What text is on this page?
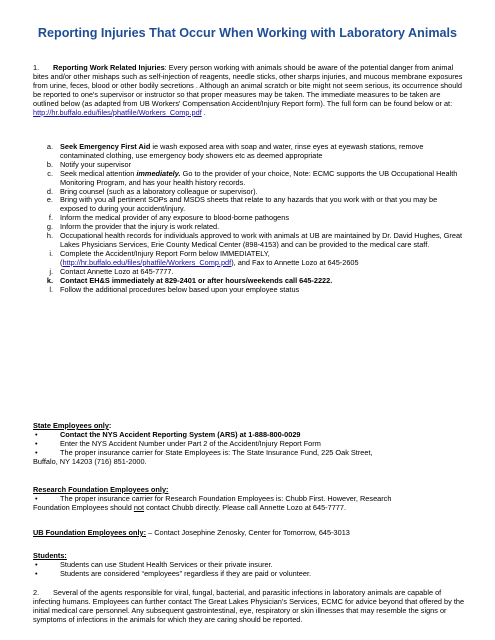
Reporting Injuries That Occur When Working with Laboratory Animals

1. Reporting Work Related Injuries: Every person working with animals should be aware of the potential danger from animal bites and/or other mishaps such as self-injection of reagents, needle sticks, other sharps injuries, and mucous membrane exposures from urine, feces, blood or other bodily secretions . Although an animal scratch or bite might not seem serious, its occurrence should be reported to one's supervisor or instructor so that proper measures may be taken. The immediate measures to be taken are outlined below (as adapted from UB Workers' Compensation Accident/Injury Report form). The full form can be found below or at: http://hr.buffalo.edu/files/phatfile/Workers_Comp.pdf .

a. Seek Emergency First Aid ie wash exposed area with soap and water, rinse eyes at eyewash stations, remove contaminated clothing, use emergency body showers etc as deemed appropriate
b. Notify your supervisor
c. Seek medical attention immediately. Go to the provider of your choice, Note: ECMC supports the UB Occupational Health Monitoring Program, and has your health history records.
d. Bring counsel (such as a laboratory colleague or supervisor).
e. Bring with you all pertinent SOPs and MSDS sheets that relate to any hazards that you work with or that you may be exposed to during your accident/injury.
f. Inform the medical provider of any exposure to blood-borne pathogens
g. Inform the provider that the injury is work related.
h. Occupational health records for individuals approved to work with animals at UB are maintained by Dr. David Hughes, Great Lakes Physicians Services, Erie County Medical Center (898-4153) and can be provided to the medical care staff.
i. Complete the Accident/Injury Report Form below IMMEDIATELY,
(http://hr.buffalo.edu/files/phatfile/Workers_Comp.pdf), and Fax to Annette Lozo at 645-2605
j. Contact Annette Lozo at 645-7777.
k. Contact EH&S immediately at 829-2401 or after hours/weekends call 645-2222.
l. Follow the additional procedures below based upon your employee status
State Employees only:
•	Contact the NYS Accident Reporting System (ARS) at 1-888-800-0029
•	Enter the NYS Accident Number under Part 2 of the Accident/Injury Report Form
•	The proper insurance carrier for State Employees is: The State Insurance Fund, 225 Oak Street,
Buffalo, NY 14203 (716) 851-2000.
Research Foundation Employees only:
•	The proper insurance carrier for Research Foundation Employees is: Chubb First. However, Research
Foundation Employees should not contact Chubb directly. Please call Annette Lozo at 645-7777.
UB Foundation Employees only: – Contact Josephine Zenosky, Center for Tomorrow, 645-3013
Students:
•	Students can use Student Health Services or their private insurer.
•	Students are considered “employees” regardless if they are paid or volunteer.

2. Several of the agents responsible for viral, fungal, bacterial, and parasitic infections in laboratory animals are capable of infecting humans. Employees can further contact The Great Lakes Physician’s Services, ECMC for advice beyond that offered by the initial medical care personnel. Any subsequent gastrointestinal, eye, respiratory or skin illnesses that may resemble the signs or symptoms of infections in the animals for which they are caring should be reported.
